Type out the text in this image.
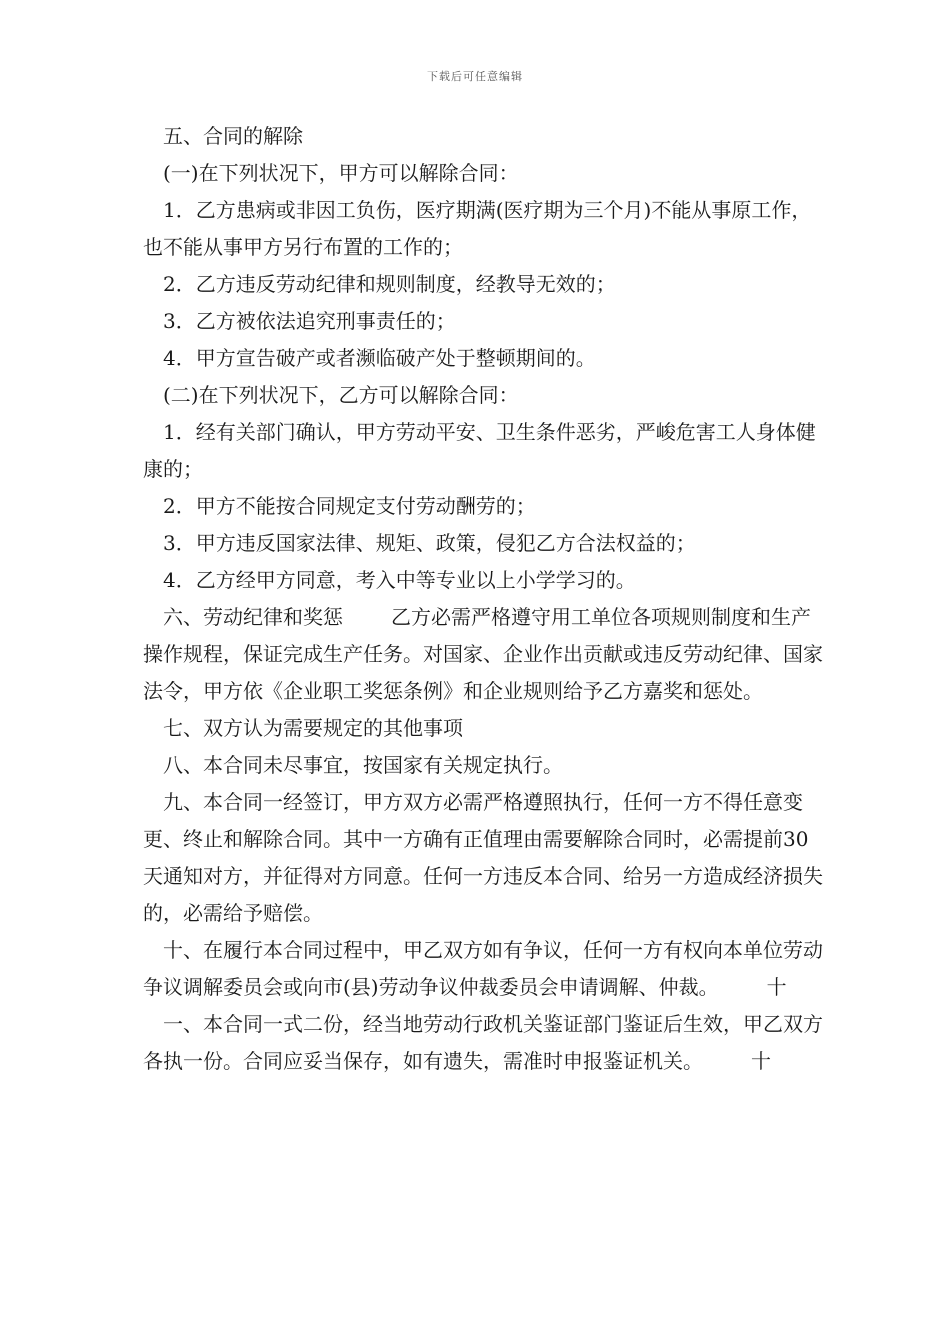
下载后可任意编辑

五、合同的解除

(一)在下列状况下，甲方可以解除合同：

1．乙方患病或非因工负伤，医疗期满(医疗期为三个月)不能从事原工作，也不能从事甲方另行布置的工作的；

2．乙方违反劳动纪律和规则制度，经教导无效的；

3．乙方被依法追究刑事责任的；

4．甲方宣告破产或者濒临破产处于整顿期间的。

(二)在下列状况下，乙方可以解除合同：

1．经有关部门确认，甲方劳动平安、卫生条件恶劣，严峻危害工人身体健康的；

2．甲方不能按合同规定支付劳动酬劳的；

3．甲方违反国家法律、规矩、政策，侵犯乙方合法权益的；

4．乙方经甲方同意，考入中等专业以上小学学习的。

六、劳动纪律和奖惩 乙方必需严格遵守用工单位各项规则制度和生产操作规程，保证完成生产任务。对国家、企业作出贡献或违反劳动纪律、国家法令，甲方依《企业职工奖惩条例》和企业规则给予乙方嘉奖和惩处。

七、双方认为需要规定的其他事项

八、本合同未尽事宜，按国家有关规定执行。

九、本合同一经签订，甲方双方必需严格遵照执行，任何一方不得任意变更、终止和解除合同。其中一方确有正值理由需要解除合同时，必需提前30天通知对方，并征得对方同意。任何一方违反本合同、给另一方造成经济损失的，必需给予赔偿。

十、在履行本合同过程中，甲乙双方如有争议，任何一方有权向本单位劳动争议调解委员会或向市(县)劳动争议仲裁委员会申请调解、仲裁。 十

一、本合同一式二份，经当地劳动行政机关鉴证部门鉴证后生效，甲乙双方各执一份。合同应妥当保存，如有遗失，需准时申报鉴证机关。 十
